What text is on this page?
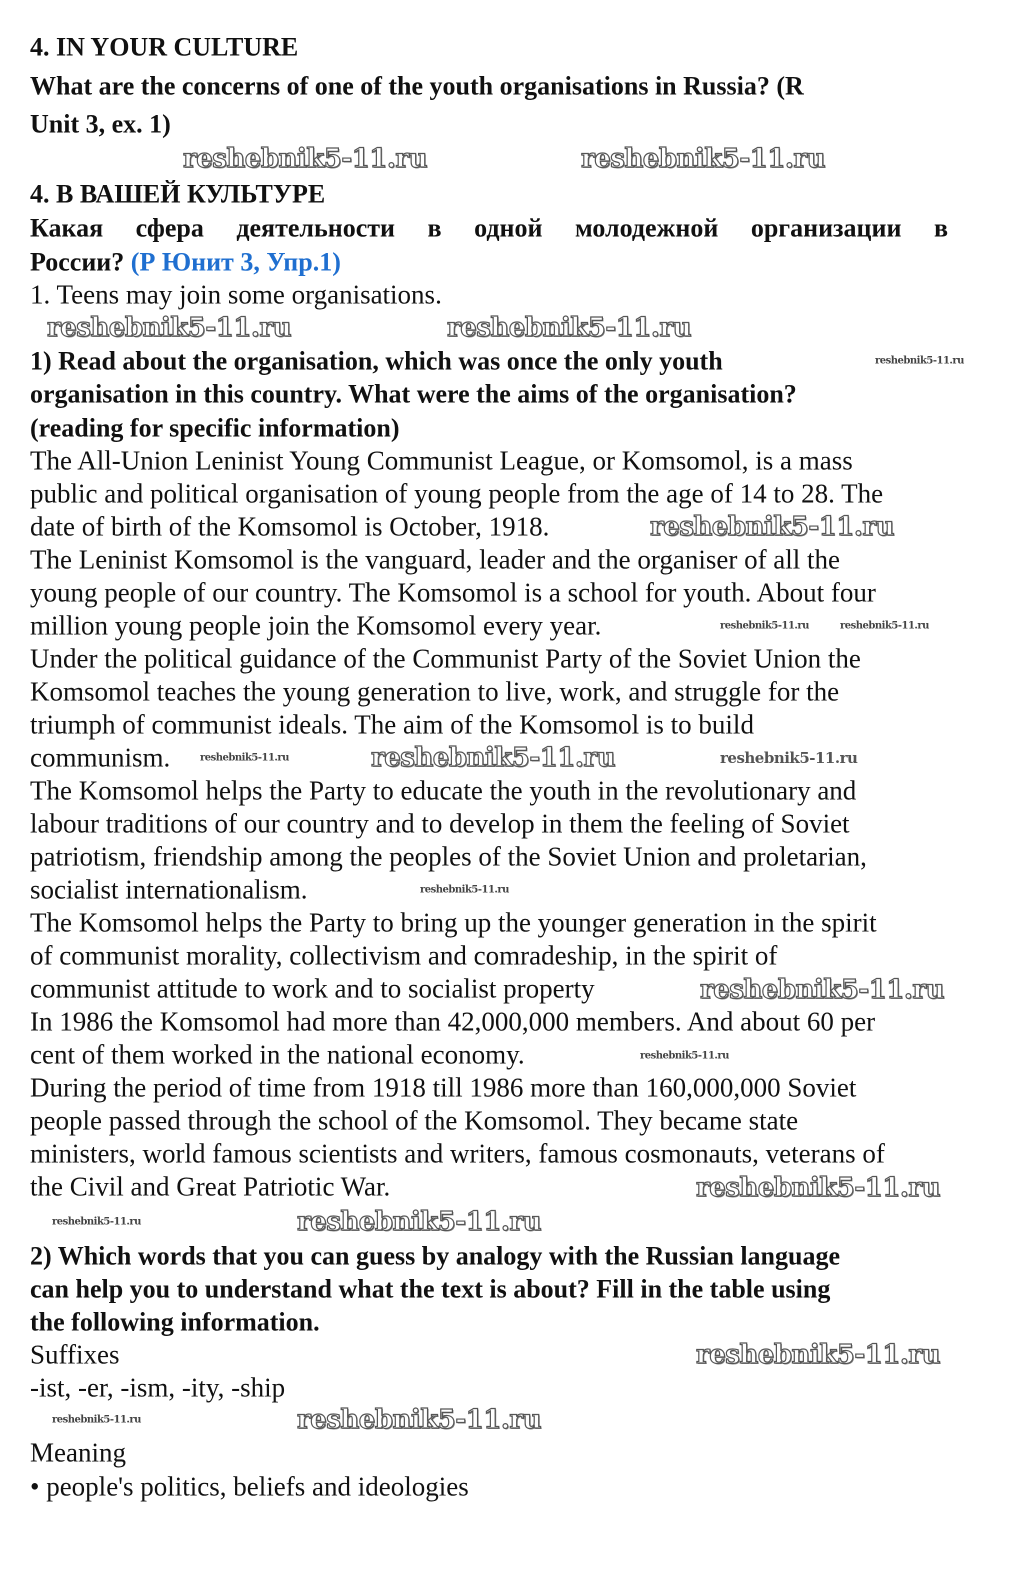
4. IN YOUR CULTURE
What are the concerns of one of the youth organisations in Russia? (R
Unit 3, ex. 1)
4. В ВАШЕЙ КУЛЬТУРЕ
Какая сфера деятельности в одной молодежной организации в
России? (Р Юнит 3, Упр.1)
1. Teens may join some organisations.
1) Read about the organisation, which was once the only youth
organisation in this country. What were the aims of the organisation?
(reading for specific information)
The All-Union Leninist Young Communist League, or Komsomol, is a mass
public and political organisation of young people from the age of 14 to 28. The
date of birth of the Komsomol is October, 1918.
The Leninist Komsomol is the vanguard, leader and the organiser of all the
young people of our country. The Komsomol is a school for youth. About four
million young people join the Komsomol every year.
Under the political guidance of the Communist Party of the Soviet Union the
Komsomol teaches the young generation to live, work, and struggle for the
triumph of communist ideals. The aim of the Komsomol is to build
communism.
The Komsomol helps the Party to educate the youth in the revolutionary and
labour traditions of our country and to develop in them the feeling of Soviet
patriotism, friendship among the peoples of the Soviet Union and proletarian,
socialist internationalism.
The Komsomol helps the Party to bring up the younger generation in the spirit
of communist morality, collectivism and comradeship, in the spirit of
communist attitude to work and to socialist property
In 1986 the Komsomol had more than 42,000,000 members. And about 60 per
cent of them worked in the national economy.
During the period of time from 1918 till 1986 more than 160,000,000 Soviet
people passed through the school of the Komsomol. They became state
ministers, world famous scientists and writers, famous cosmonauts, veterans of
the Civil and Great Patriotic War.
2) Which words that you can guess by analogy with the Russian language
can help you to understand what the text is about? Fill in the table using
the following information.
Suffixes
-ist, -er, -ism, -ity, -ship
Meaning
• people's politics, beliefs and ideologies
reshebnik5-11.ru	reshebnik5-11.ru
reshebnik5-11.ru	reshebnik5-11.ru
reshebnik5-11.ru
reshebnik5-11.ru
reshebnik5-11.ru	reshebnik5-11.ru
reshebnik5-11.ru	reshebnik5-11.ru	reshebnik5-11.ru
reshebnik5-11.ru
reshebnik5-11.ru
reshebnik5-11.ru
reshebnik5-11.ru
reshebnik5-11.ru	reshebnik5-11.ru
reshebnik5-11.ru
reshebnik5-11.ru	reshebnik5-11.ru
